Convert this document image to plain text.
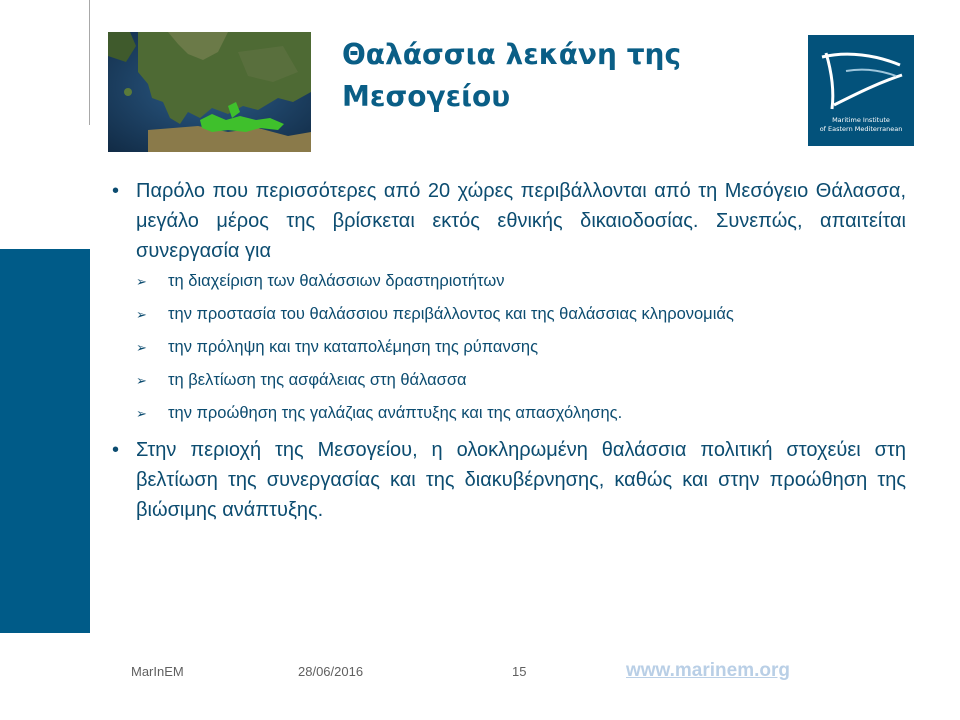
Θαλάσσια λεκάνη της Μεσογείου
Maritime Institute
of Eastern Mediterranean
• Παρόλο που περισσότερες από 20 χώρες περιβάλλονται από τη Μεσόγειο Θάλασσα, μεγάλο μέρος της βρίσκεται εκτός εθνικής δικαιοδοσίας. Συνεπώς, απαιτείται συνεργασία για
➢ τη διαχείριση των θαλάσσιων δραστηριοτήτων
➢ την προστασία του θαλάσσιου περιβάλλοντος και της θαλάσσιας κληρονομιάς
➢ την πρόληψη και την καταπολέμηση της ρύπανσης
➢ τη βελτίωση της ασφάλειας στη θάλασσα
➢ την προώθηση της γαλάζιας ανάπτυξης και της απασχόλησης.
• Στην περιοχή της Μεσογείου, η ολοκληρωμένη θαλάσσια πολιτική στοχεύει στη βελτίωση της συνεργασίας και της διακυβέρνησης, καθώς και στην προώθηση της βιώσιμης ανάπτυξης.
MarInEM	28/06/2016	15	www.marinem.org
